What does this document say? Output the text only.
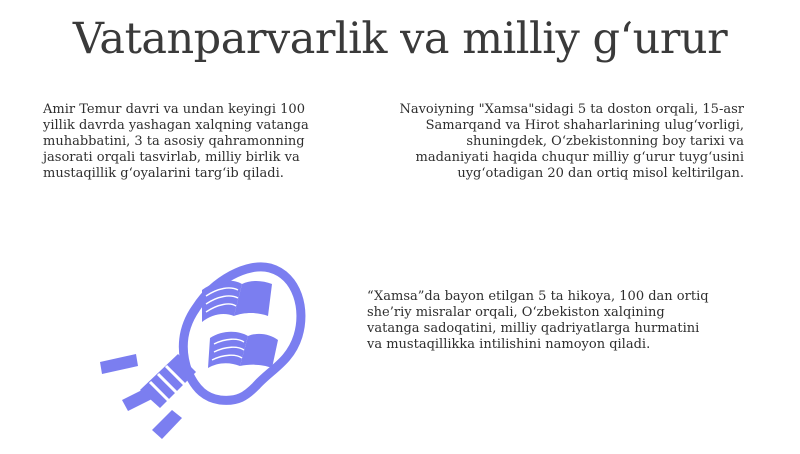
Vatanparvarlik va milliy g‘urur
Amir Temur davri va undan keyingi 100
yillik davrda yashagan xalqning vatanga
muhabbatini, 3 ta asosiy qahramonning
jasorati orqali tasvirlab, milliy birlik va
mustaqillik g‘oyalarini targ‘ib qiladi.
Navoiyning "Xamsa"sidagi 5 ta doston orqali, 15-asr
Samarqand va Hirot shaharlarining ulug‘vorligi,
shuningdek, O‘zbekistonning boy tarixi va
madaniyati haqida chuqur milliy g‘urur tuyg‘usini
uyg‘otadigan 20 dan ortiq misol keltirilgan.
“Xamsa”da bayon etilgan 5 ta hikoya, 100 dan ortiq
she’riy misralar orqali, O‘zbekiston xalqining
vatanga sadoqatini, milliy qadriyatlarga hurmatini
va mustaqillikka intilishini namoyon qiladi.
